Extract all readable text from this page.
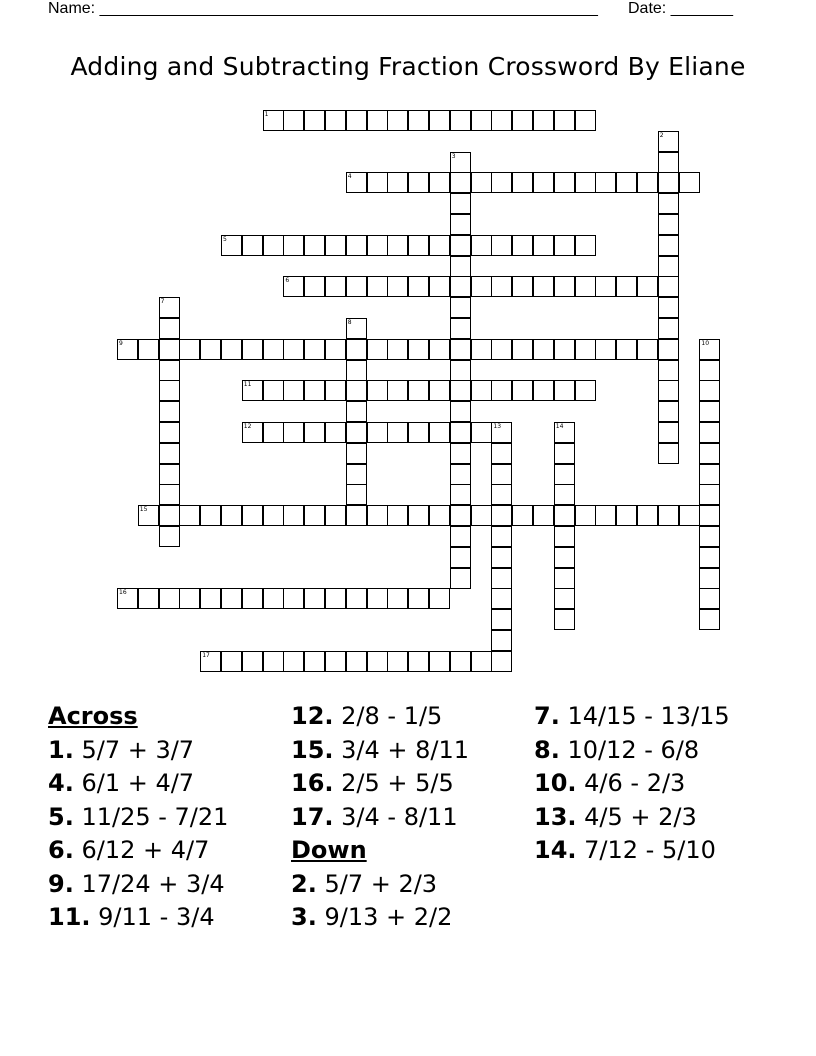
Name: ________________________________________________________ Date: _______
Adding and Subtracting Fraction Crossword By Eliane
1
2
3
4
5
6
7
8
9	10
11
12	13	14
15
16
17
Across
1. 5/7 + 3/7
4. 6/1 + 4/7
5. 11/25 - 7/21
6. 6/12 + 4/7
9. 17/24 + 3/4
11. 9/11 - 3/4
12. 2/8 - 1/5
15. 3/4 + 8/11
16. 2/5 + 5/5
17. 3/4 - 8/11
Down
2. 5/7 + 2/3
3. 9/13 + 2/2
7. 14/15 - 13/15
8. 10/12 - 6/8
10. 4/6 - 2/3
13. 4/5 + 2/3
14. 7/12 - 5/10
